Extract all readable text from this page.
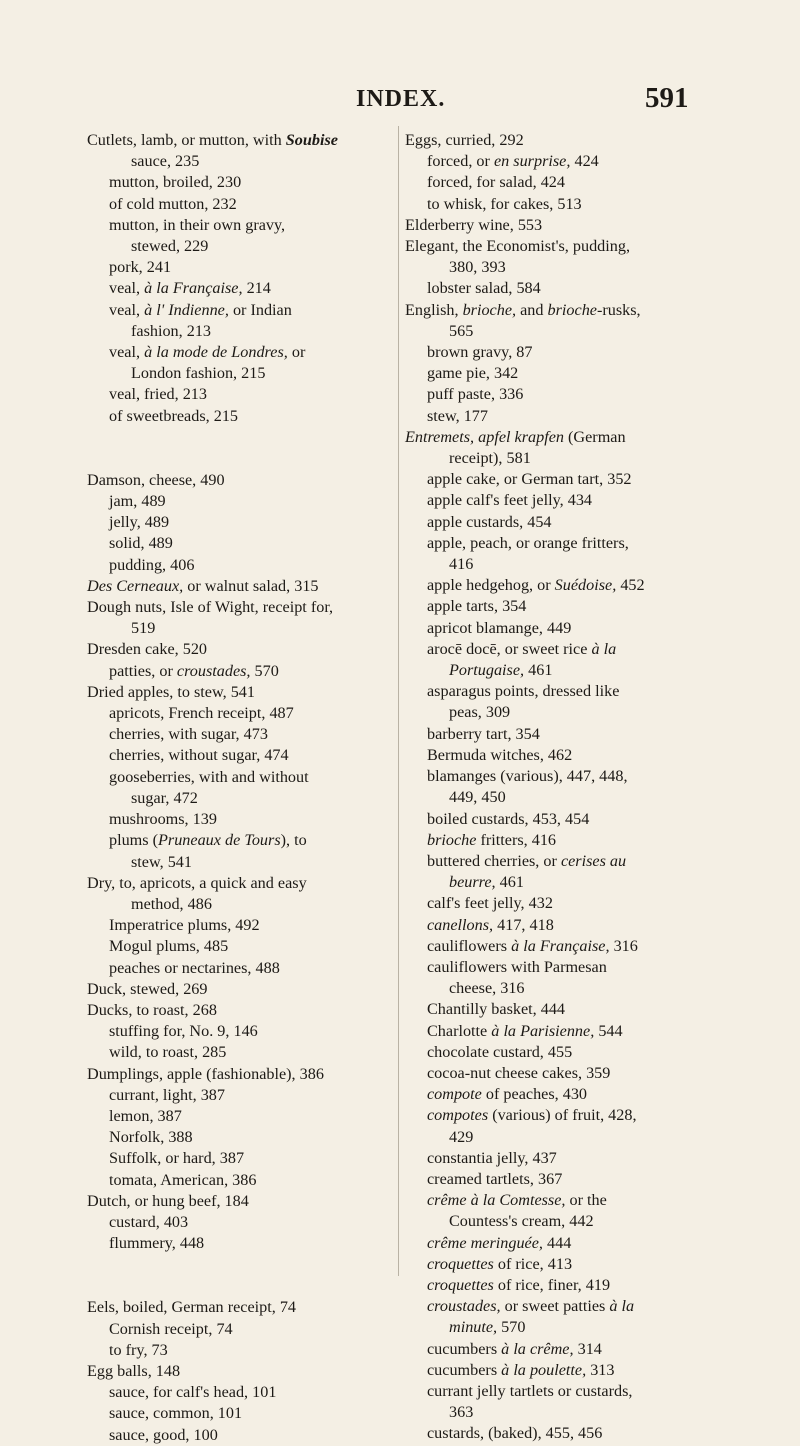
INDEX.	591
Cutlets, lamb, or mutton, with Soubise
sauce, 235
mutton, broiled, 230
of cold mutton, 232
mutton, in their own gravy,
stewed, 229
pork, 241
veal, à la Française, 214
veal, à l' Indienne, or Indian
fashion, 213
veal, à la mode de Londres, or
London fashion, 215
veal, fried, 213
of sweetbreads, 215
Damson, cheese, 490
jam, 489
jelly, 489
solid, 489
pudding, 406
Des Cerneaux, or walnut salad, 315
Dough nuts, Isle of Wight, receipt for,
519
Dresden cake, 520
patties, or croustades, 570
Dried apples, to stew, 541
apricots, French receipt, 487
cherries, with sugar, 473
cherries, without sugar, 474
gooseberries, with and without
sugar, 472
mushrooms, 139
plums (Pruneaux de Tours), to
stew, 541
Dry, to, apricots, a quick and easy
method, 486
Imperatrice plums, 492
Mogul plums, 485
peaches or nectarines, 488
Duck, stewed, 269
Ducks, to roast, 268
stuffing for, No. 9, 146
wild, to roast, 285
Dumplings, apple (fashionable), 386
currant, light, 387
lemon, 387
Norfolk, 388
Suffolk, or hard, 387
tomata, American, 386
Dutch, or hung beef, 184
custard, 403
flummery, 448
Eels, boiled, German receipt, 74
Cornish receipt, 74
to fry, 73
Egg balls, 148
sauce, for calf's head, 101
sauce, common, 101
sauce, good, 100
Eggs, curried, 292
forced, or en surprise, 424
forced, for salad, 424
to whisk, for cakes, 513
Elderberry wine, 553
Elegant, the Economist's, pudding,
380, 393
lobster salad, 584
English, brioche, and brioche-rusks,
565
brown gravy, 87
game pie, 342
puff paste, 336
stew, 177
Entremets, apfel krapfen (German
receipt), 581
apple cake, or German tart, 352
apple calf's feet jelly, 434
apple custards, 454
apple, peach, or orange fritters,
416
apple hedgehog, or Suédoise, 452
apple tarts, 354
apricot blamange, 449
arocē docē, or sweet rice à la
Portugaise, 461
asparagus points, dressed like
peas, 309
barberry tart, 354
Bermuda witches, 462
blamanges (various), 447, 448,
449, 450
boiled custards, 453, 454
brioche fritters, 416
buttered cherries, or cerises au
beurre, 461
calf's feet jelly, 432
canellons, 417, 418
cauliflowers à la Française, 316
cauliflowers with Parmesan
cheese, 316
Chantilly basket, 444
Charlotte à la Parisienne, 544
chocolate custard, 455
cocoa-nut cheese cakes, 359
compote of peaches, 430
compotes (various) of fruit, 428,
429
constantia jelly, 437
creamed tartlets, 367
crême à la Comtesse, or the
Countess's cream, 442
crême meringuée, 444
croquettes of rice, 413
croquettes of rice, finer, 419
croustades, or sweet patties à la
minute, 570
cucumbers à la crême, 314
cucumbers à la poulette, 313
currant jelly tartlets or custards,
363
custards, (baked), 455, 456
